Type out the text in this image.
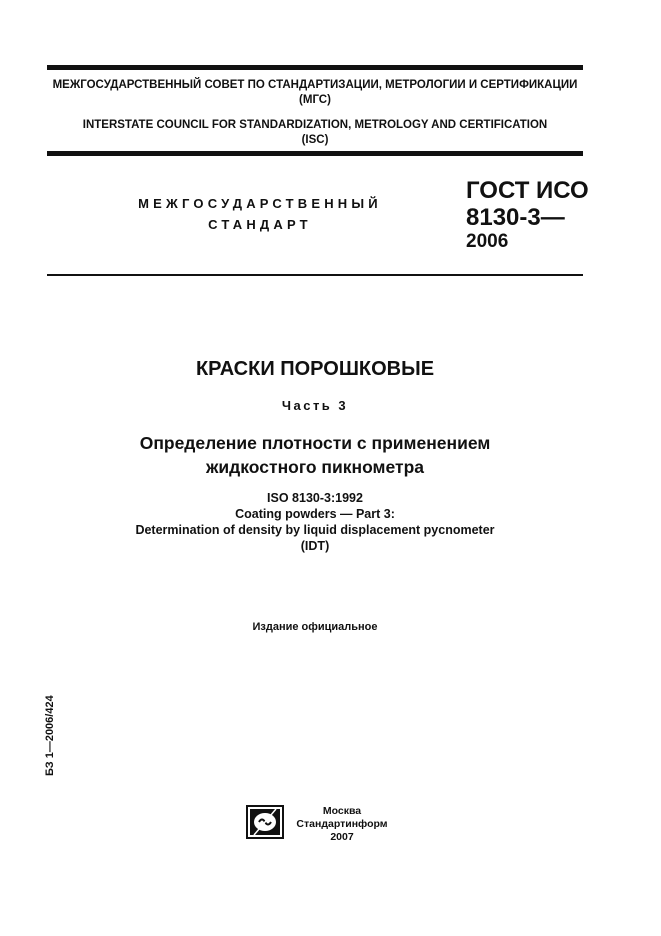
МЕЖГОСУДАРСТВЕННЫЙ СОВЕТ ПО СТАНДАРТИЗАЦИИ, МЕТРОЛОГИИ И СЕРТИФИКАЦИИ
(МГС)
INTERSTATE COUNCIL FOR STANDARDIZATION, METROLOGY AND CERTIFICATION
(ISC)
МЕЖГОСУДАРСТВЕННЫЙ
СТАНДАРТ
ГОСТ ИСО
8130-3—
2006
КРАСКИ ПОРОШКОВЫЕ
Часть 3
Определение плотности с применением
жидкостного пикнометра
ISO 8130-3:1992
Coating powders — Part 3:
Determination of density by liquid displacement pycnometer
(IDT)
Издание официальное
БЗ 1—2006/424
Москва
Стандартинформ
2007
